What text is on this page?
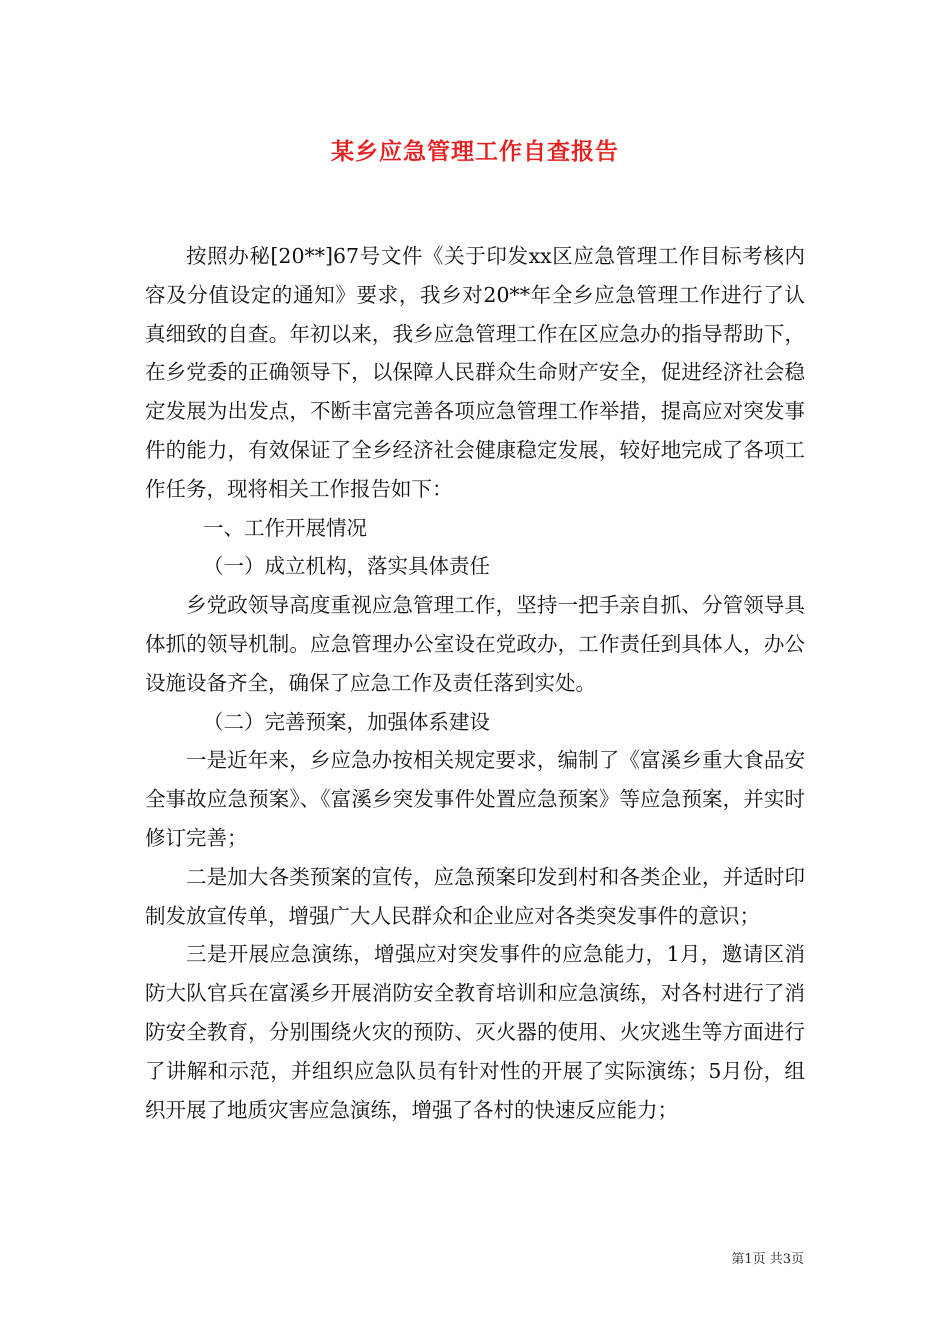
某乡应急管理工作自查报告

按照办秘[20**]67号文件《关于印发xx区应急管理工作目标考核内容及分值设定的通知》要求，我乡对20**年全乡应急管理工作进行了认真细致的自查。年初以来，我乡应急管理工作在区应急办的指导帮助下，在乡党委的正确领导下，以保障人民群众生命财产安全，促进经济社会稳定发展为出发点，不断丰富完善各项应急管理工作举措，提高应对突发事件的能力，有效保证了全乡经济社会健康稳定发展，较好地完成了各项工作任务，现将相关工作报告如下：

一、工作开展情况

（一）成立机构，落实具体责任

乡党政领导高度重视应急管理工作，坚持一把手亲自抓、分管领导具体抓的领导机制。应急管理办公室设在党政办，工作责任到具体人，办公设施设备齐全，确保了应急工作及责任落到实处。

（二）完善预案，加强体系建设

一是近年来，乡应急办按相关规定要求，编制了《富溪乡重大食品安全事故应急预案》、《富溪乡突发事件处置应急预案》等应急预案，并实时修订完善；

二是加大各类预案的宣传，应急预案印发到村和各类企业，并适时印制发放宣传单，增强广大人民群众和企业应对各类突发事件的意识；

三是开展应急演练，增强应对突发事件的应急能力，1月，邀请区消防大队官兵在富溪乡开展消防安全教育培训和应急演练，对各村进行了消防安全教育，分别围绕火灾的预防、灭火器的使用、火灾逃生等方面进行了讲解和示范，并组织应急队员有针对性的开展了实际演练；5月份，组织开展了地质灾害应急演练，增强了各村的快速反应能力；

第1页 共3页
